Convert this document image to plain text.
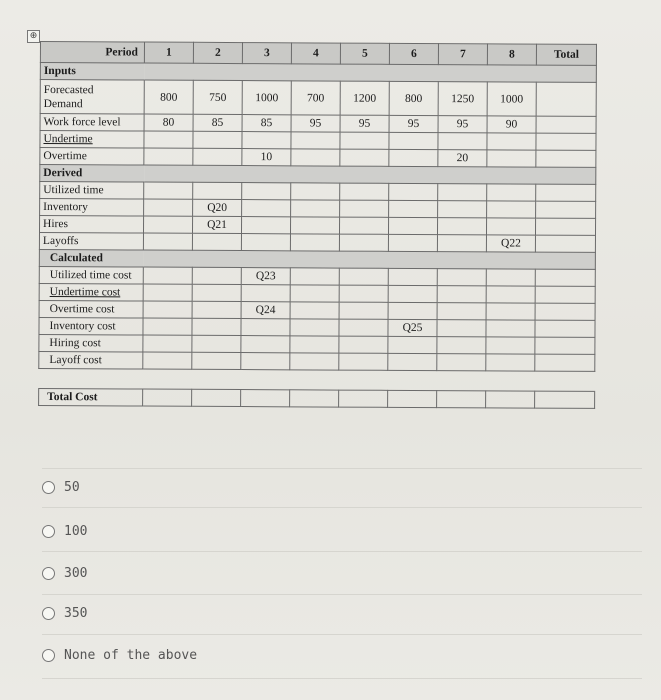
⊕
Period	1	2	3	4	5	6	7	8	Total
Inputs									
Forecasted
Demand	800	750	1000	700	1200	800	1250	1000	
Work force level	80	85	85	95	95	95	95	90	
Undertime									
Overtime			10				20		
Derived									
Utilized time									
Inventory		Q20							
Hires		Q21							
Layoffs								Q22	
Calculated									
Utilized time cost			Q23						
Undertime cost									
Overtime cost			Q24						
Inventory cost						Q25			
Hiring cost									
Layoff cost									

Total Cost									
50
100
300
350
None of the above
